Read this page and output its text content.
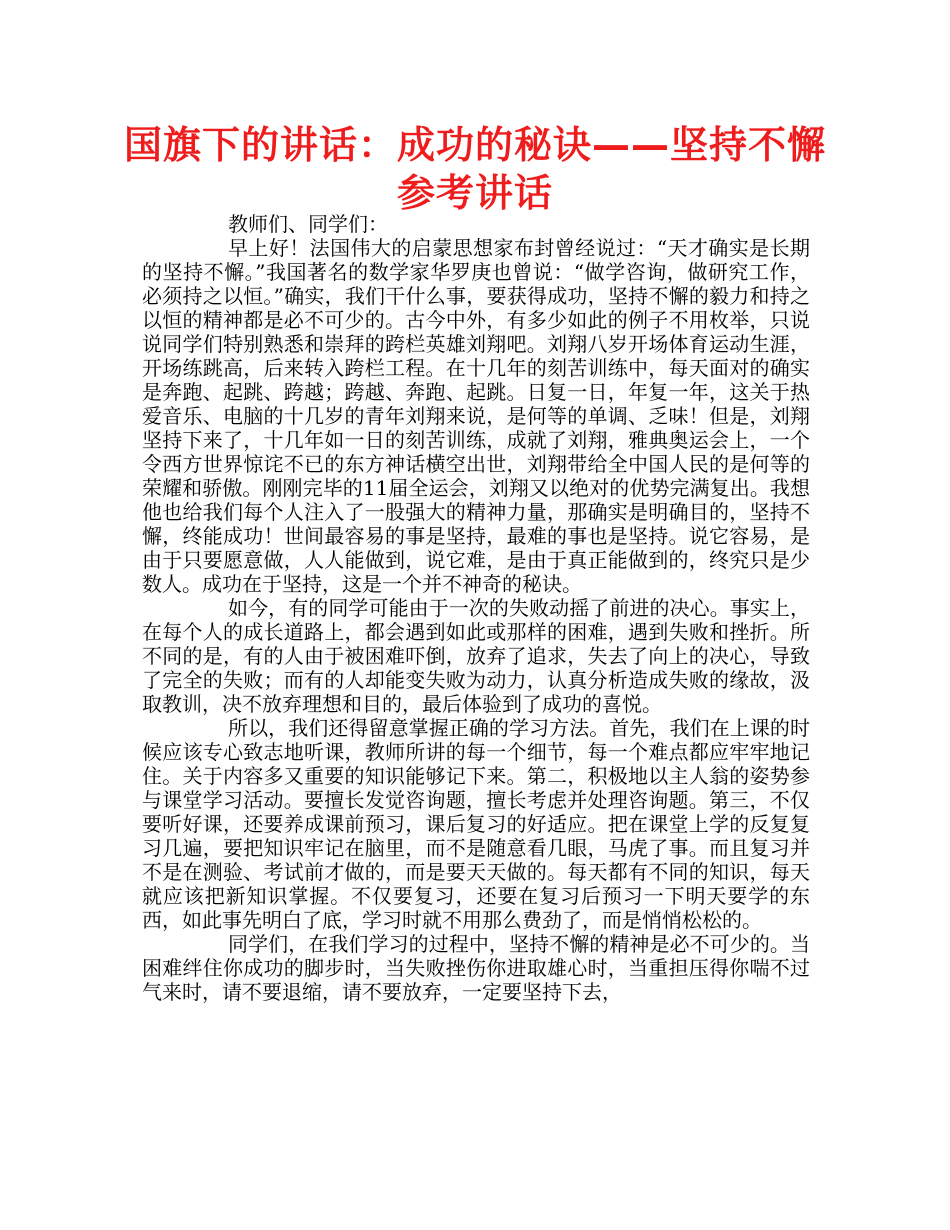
国旗下的讲话：成功的秘诀——坚持不懈
参考讲话

教师们、同学们：

早上好！法国伟大的启蒙思想家布封曾经说过：“天才确实是长期的坚持不懈。”我国著名的数学家华罗庚也曾说：“做学咨询，做研究工作，必须持之以恒。”确实，我们干什么事，要获得成功，坚持不懈的毅力和持之以恒的精神都是必不可少的。古今中外，有多少如此的例子不用枚举，只说说同学们特别熟悉和崇拜的跨栏英雄刘翔吧。刘翔八岁开场体育运动生涯，开场练跳高，后来转入跨栏工程。在十几年的刻苦训练中，每天面对的确实是奔跑、起跳、跨越；跨越、奔跑、起跳。日复一日，年复一年，这关于热爱音乐、电脑的十几岁的青年刘翔来说，是何等的单调、乏味！但是，刘翔坚持下来了，十几年如一日的刻苦训练，成就了刘翔，雅典奥运会上，一个令西方世界惊诧不已的东方神话横空出世，刘翔带给全中国人民的是何等的荣耀和骄傲。刚刚完毕的11届全运会，刘翔又以绝对的优势完满复出。我想他也给我们每个人注入了一股强大的精神力量，那确实是明确目的，坚持不懈，终能成功！世间最容易的事是坚持，最难的事也是坚持。说它容易，是由于只要愿意做，人人能做到，说它难，是由于真正能做到的，终究只是少数人。成功在于坚持，这是一个并不神奇的秘诀。

如今，有的同学可能由于一次的失败动摇了前进的决心。事实上，在每个人的成长道路上，都会遇到如此或那样的困难，遇到失败和挫折。所不同的是，有的人由于被困难吓倒，放弃了追求，失去了向上的决心，导致了完全的失败；而有的人却能变失败为动力，认真分析造成失败的缘故，汲取教训，决不放弃理想和目的，最后体验到了成功的喜悦。

所以，我们还得留意掌握正确的学习方法。首先，我们在上课的时候应该专心致志地听课，教师所讲的每一个细节，每一个难点都应牢牢地记住。关于内容多又重要的知识能够记下来。第二，积极地以主人翁的姿势参与课堂学习活动。要擅长发觉咨询题，擅长考虑并处理咨询题。第三，不仅要听好课，还要养成课前预习，课后复习的好适应。把在课堂上学的反复复习几遍，要把知识牢记在脑里，而不是随意看几眼，马虎了事。而且复习并不是在测验、考试前才做的，而是要天天做的。每天都有不同的知识，每天就应该把新知识掌握。不仅要复习，还要在复习后预习一下明天要学的东西，如此事先明白了底，学习时就不用那么费劲了，而是悄悄松松的。

同学们，在我们学习的过程中，坚持不懈的精神是必不可少的。当困难绊住你成功的脚步时，当失败挫伤你进取雄心时，当重担压得你喘不过气来时，请不要退缩，请不要放弃，一定要坚持下去，
